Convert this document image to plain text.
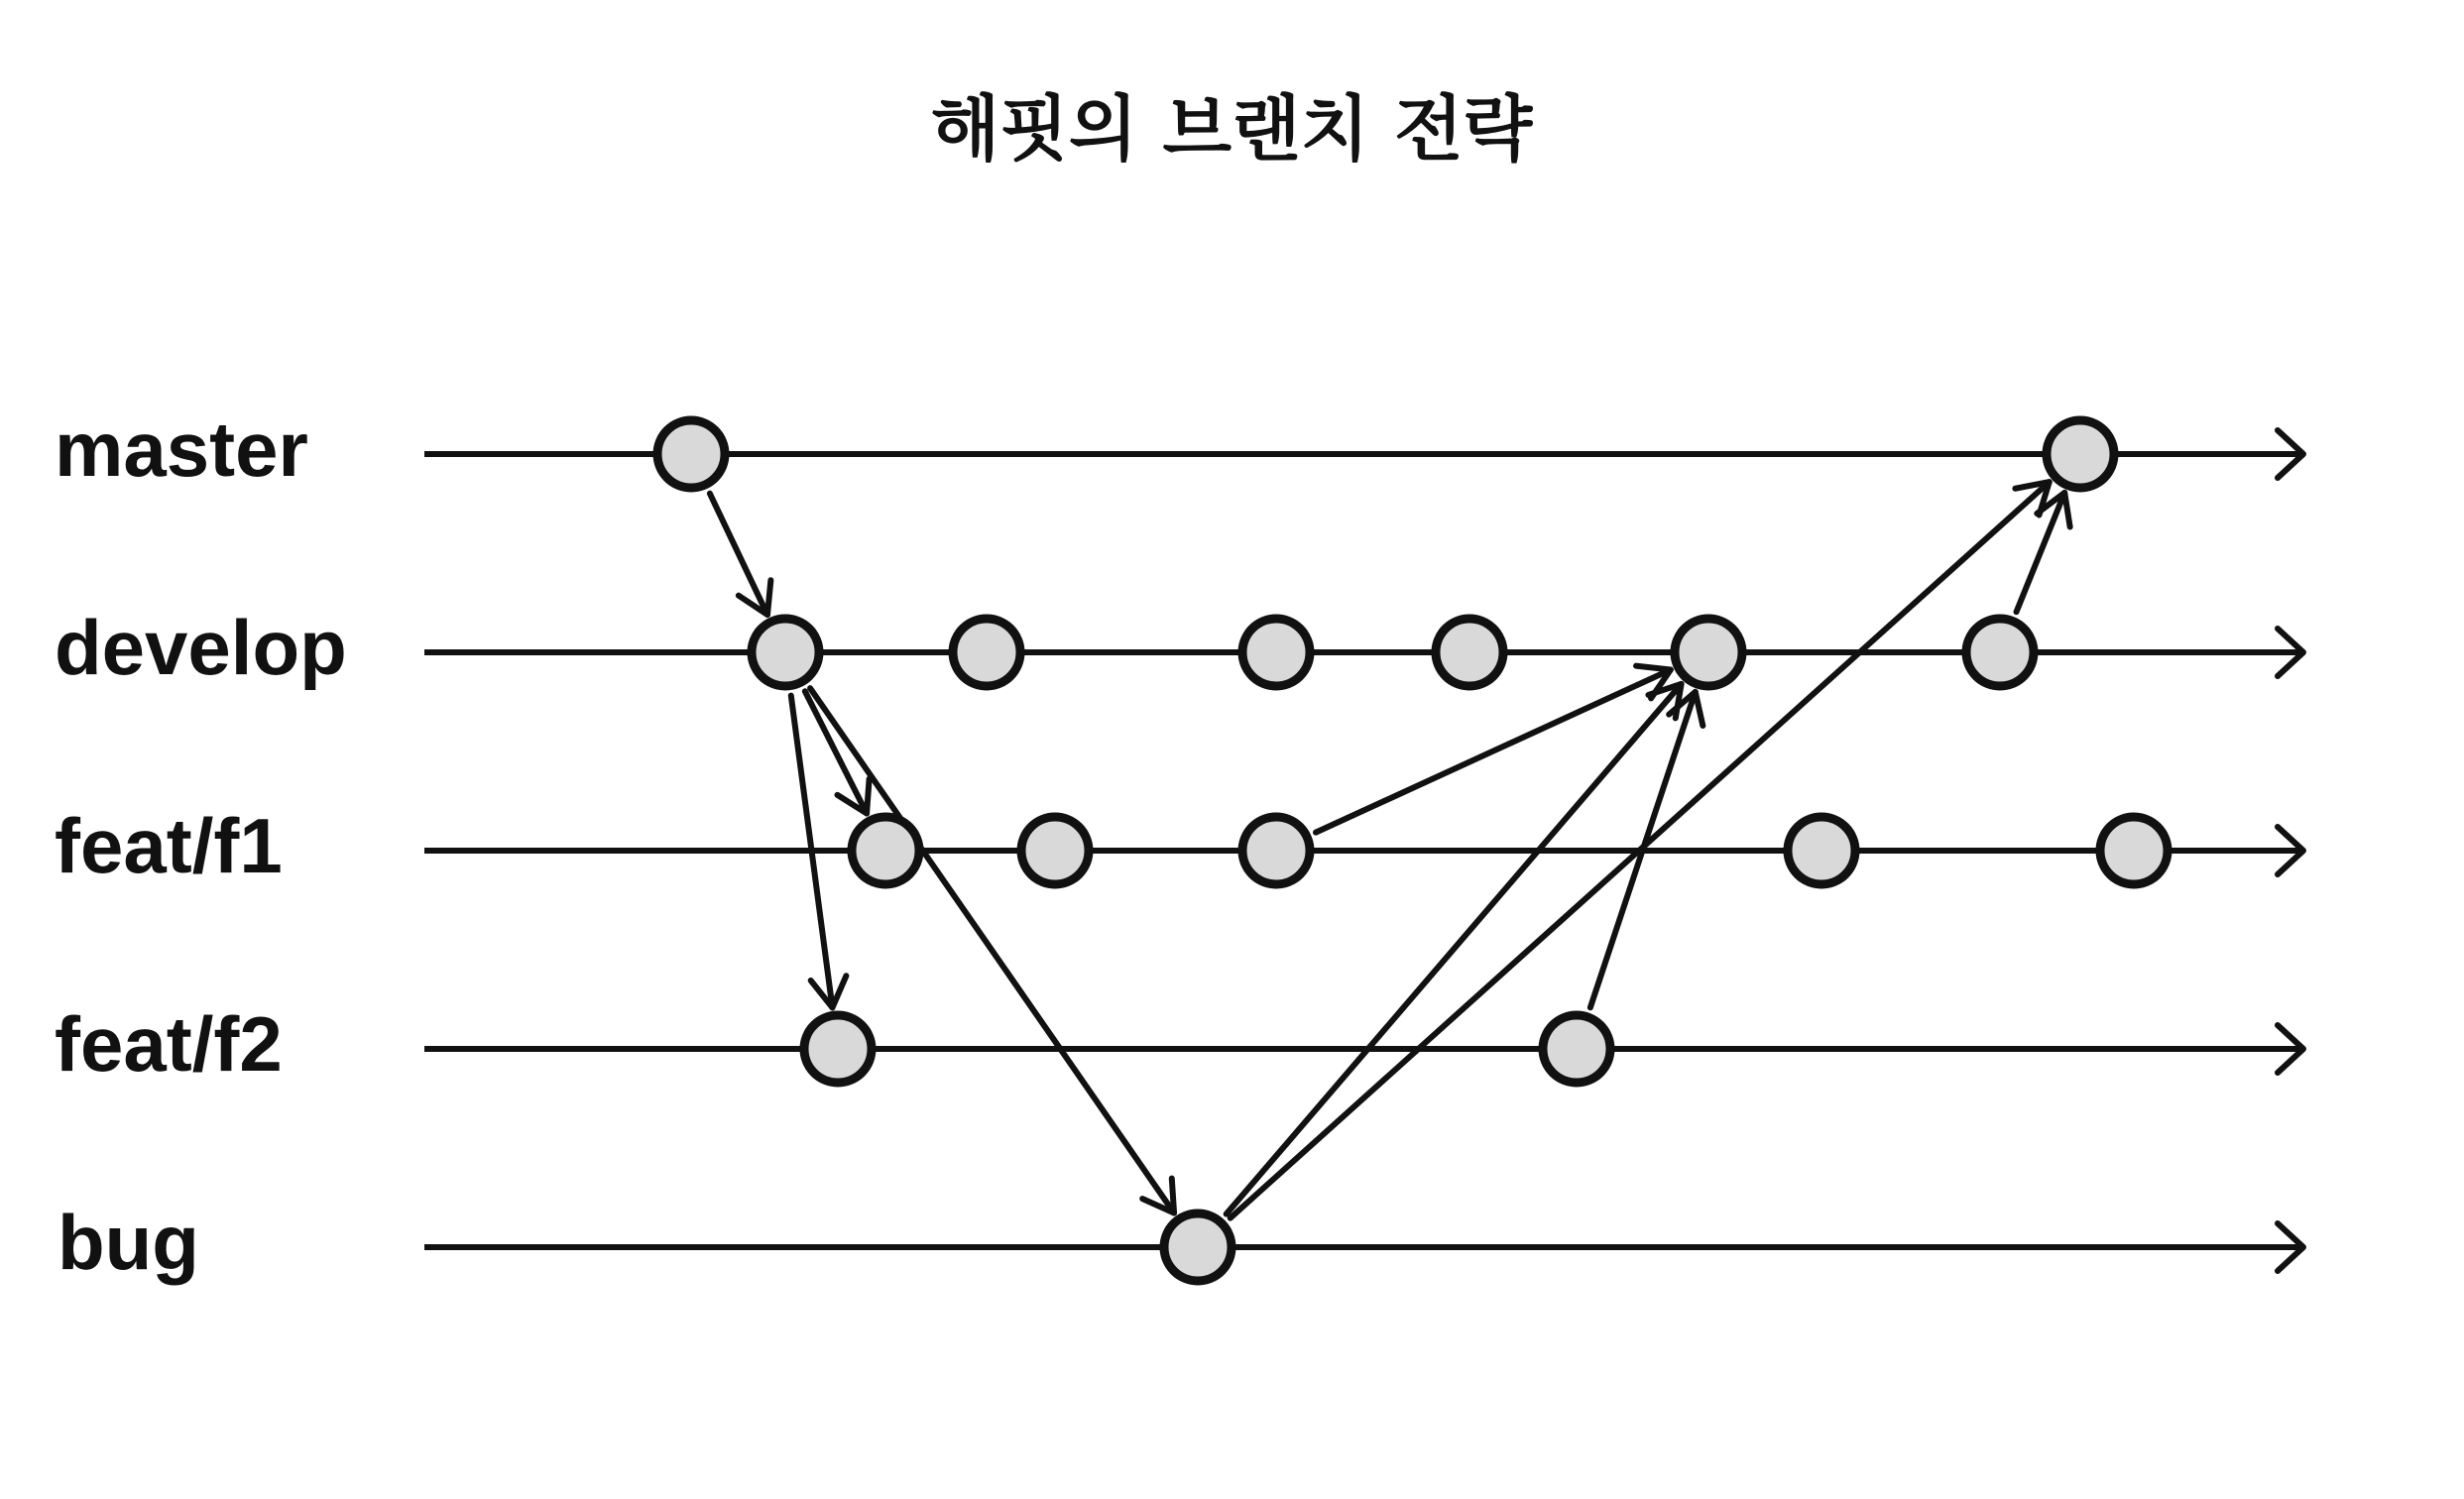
해핏의 브랜치 전략
master
develop
feat/f1
feat/f2
bug
